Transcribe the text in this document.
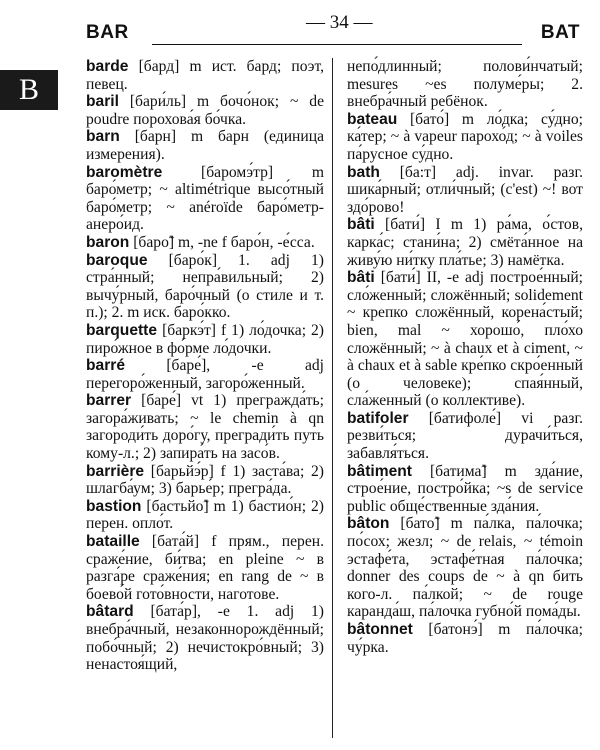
BAR	— 34 —	BAT
B

barde [бард] m ист. бард; поэт, певец.

baril [бари́ль] m бочо́нок; ~ de poudre порохова́я бо́чка.

barn [барн] m барн (единица измерения).

baromètre [баромэ́тр] m баро́метр; ~ altimétrique высо́тный баро́метр; ~ anéroïde баро́метр-анеро́ид.

baron [баро̃] m, -ne f баро́н, -е́сса.

baroque [баро́к] 1. adj 1) стра́нный; непра́вильный; 2) вычу́рный, баро́чный (о стиле и т. п.); 2. m иск. баро́кко.

barquette [баркэ́т] f 1) ло́дочка; 2) пиро́жное в фо́рме ло́дочки.

barré	[баре́], -e adj перегоро́женный, загоро́женный.

barrer [баре́] vt 1) прегражда́ть; загора́живать; ~ le chemin à qn загороди́ть доро́гу, прегради́ть путь кому-л.; 2) запира́ть на засо́в.

barrière [барьйэ́р] f 1) заста́ва; 2) шлагба́ум; 3) барье́р; прегра́да.

bastion [бастьйо̃] m 1) бастио́н; 2) перен. опло́т.

bataille [бата́й] f прям., перен. сраже́ние, би́тва; en pleine ~ в разга́ре сраже́ния; en rang de ~ в боево́й гото́вности, наготове.

bâtard [бата́р], -e 1. adj 1) внебра́чный, незаконнорождённый; побо́чный; 2) нечистокро́вный; 3) ненастоя́щий,

непо́длинный; полови́нчатый; mesures ~es полуме́ры; 2. внебра́чный ребёнок.

bateau [бато́] m ло́дка; су́дно; ка́тер; ~ à vapeur парохо́д; ~ à voiles па́русное су́дно.

bath [ба:т] adj. invar. разг. шика́рный; отли́чный; (c'est) ~! вот здо́рово!

bâti [бати́] I m 1) ра́ма, о́стов, карка́с; стани́на; 2) смёта́нное на живу́ю ни́тку пла́тье; 3) намётка.

bâti [бати́] II, -e adj построе́нный; сло́женный; сложённый; solidement ~ крепко сложённый, корена́стый; bien, mal ~ хорошо́, пло́хо сложённый; ~ à chaux et à ciment, ~ à chaux et à sable кре́пко скро́енный (о человеке); спая́нный, сла́женный (о коллективе).

batifoler [батифоле́] vi разг. резви́ться; дурачи́ться, забавля́ться.

bâtiment [батима̃] m зда́ние, строе́ние, постро́йка; ~s de service public обще́ственные зда́ния.

bâton [бато̃] m па́лка, па́лочка; по́сох; жезл; ~ de relais, ~ témoin эстафе́та, эстафе́тная па́лочка; donner des coups de ~ à qn бить кого-л. па́лкой; ~ de rouge каранда́ш, па́лочка губно́й пома́ды.

bâtonnet [батонэ́] m па́лочка; чу́рка.
